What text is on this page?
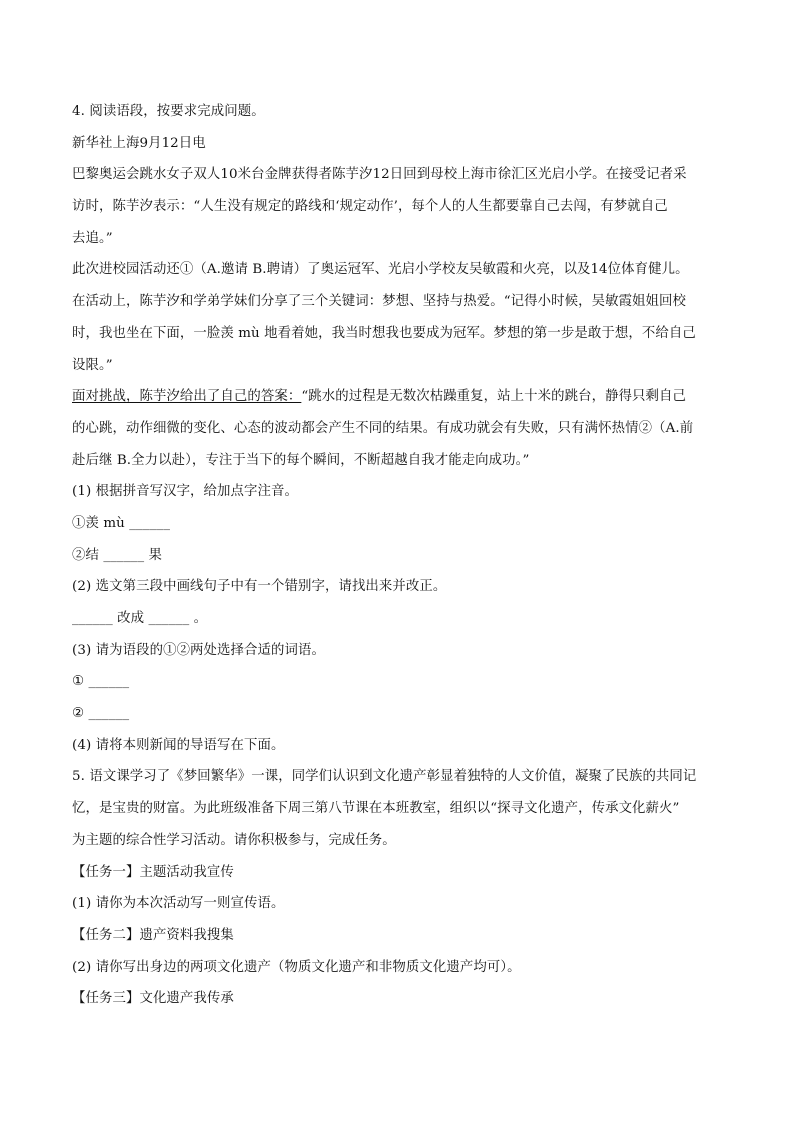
4. 阅读语段，按要求完成问题。
新华社上海9月12日电
巴黎奥运会跳水女子双人10米台金牌获得者陈芋汐12日回到母校上海市徐汇区光启小学。在接受记者采
访时，陈芋汐表示：“人生没有规定的路线和‘规定动作’，每个人的人生都要靠自己去闯，有梦就自己
去追。”
此次进校园活动还①（A.邀请 B.聘请）了奥运冠军、光启小学校友吴敏霞和火亮，以及14位体育健儿。
在活动上，陈芋汐和学弟学妹们分享了三个关键词：梦想、坚持与热爱。“记得小时候，吴敏霞姐姐回校
时，我也坐在下面，一脸羡 mù 地看着她，我当时想我也要成为冠军。梦想的第一步是敢于想，不给自己
设限。”
面对挑战，陈芋汐给出了自己的答案：“跳水的过程是无数次枯躁重复，站上十米的跳台，静得只剩自己
的心跳，动作细微的变化、心态的波动都会产生不同的结果。有成功就会有失败，只有满怀热情②（A.前
赴后继 B.全力以赴），专注于当下的每个瞬间，不断超越自我才能走向成功。”
(1) 根据拼音写汉字，给加点字注音。
①羡 mù ______
②结 ______ 果
(2) 选文第三段中画线句子中有一个错别字，请找出来并改正。
______ 改成 ______ 。
(3) 请为语段的①②两处选择合适的词语。
① ______
② ______
(4) 请将本则新闻的导语写在下面。
5. 语文课学习了《梦回繁华》一课，同学们认识到文化遗产彰显着独特的人文价值，凝聚了民族的共同记
忆，是宝贵的财富。为此班级准备下周三第八节课在本班教室，组织以“探寻文化遗产，传承文化薪火”
为主题的综合性学习活动。请你积极参与，完成任务。
【任务一】主题活动我宣传
(1) 请你为本次活动写一则宣传语。
【任务二】遗产资料我搜集
(2) 请你写出身边的两项文化遗产（物质文化遗产和非物质文化遗产均可）。
【任务三】文化遗产我传承
